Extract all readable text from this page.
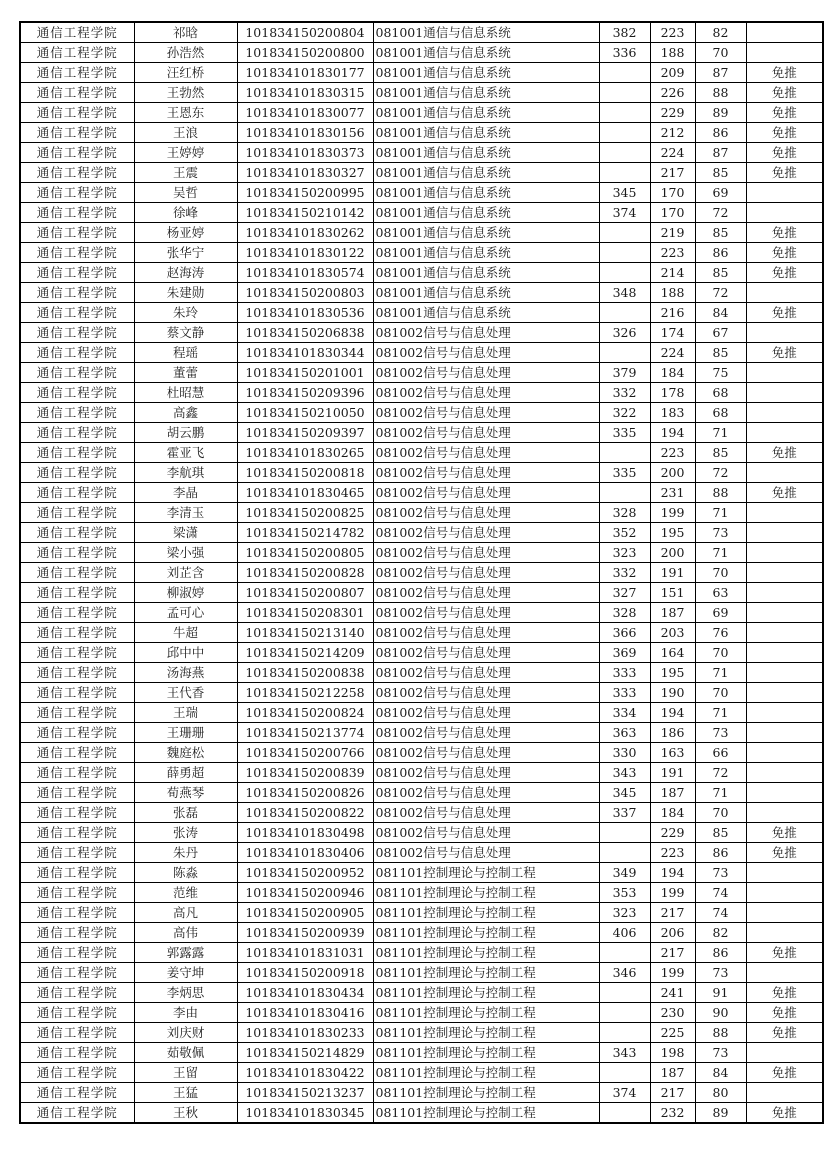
通信工程学院	祁晗	101834150200804	081001通信与信息系统	382	223	82	
通信工程学院	孙浩然	101834150200800	081001通信与信息系统	336	188	70	
通信工程学院	汪红桥	101834101830177	081001通信与信息系统		209	87	免推
通信工程学院	王勃然	101834101830315	081001通信与信息系统		226	88	免推
通信工程学院	王恩东	101834101830077	081001通信与信息系统		229	89	免推
通信工程学院	王浪	101834101830156	081001通信与信息系统		212	86	免推
通信工程学院	王婷婷	101834101830373	081001通信与信息系统		224	87	免推
通信工程学院	王震	101834101830327	081001通信与信息系统		217	85	免推
通信工程学院	吴哲	101834150200995	081001通信与信息系统	345	170	69	
通信工程学院	徐峰	101834150210142	081001通信与信息系统	374	170	72	
通信工程学院	杨亚婷	101834101830262	081001通信与信息系统		219	85	免推
通信工程学院	张华宁	101834101830122	081001通信与信息系统		223	86	免推
通信工程学院	赵海涛	101834101830574	081001通信与信息系统		214	85	免推
通信工程学院	朱建勋	101834150200803	081001通信与信息系统	348	188	72	
通信工程学院	朱玲	101834101830536	081001通信与信息系统		216	84	免推
通信工程学院	蔡文静	101834150206838	081002信号与信息处理	326	174	67	
通信工程学院	程瑶	101834101830344	081002信号与信息处理		224	85	免推
通信工程学院	董蕾	101834150201001	081002信号与信息处理	379	184	75	
通信工程学院	杜昭慧	101834150209396	081002信号与信息处理	332	178	68	
通信工程学院	高鑫	101834150210050	081002信号与信息处理	322	183	68	
通信工程学院	胡云鹏	101834150209397	081002信号与信息处理	335	194	71	
通信工程学院	霍亚飞	101834101830265	081002信号与信息处理		223	85	免推
通信工程学院	李航琪	101834150200818	081002信号与信息处理	335	200	72	
通信工程学院	李晶	101834101830465	081002信号与信息处理		231	88	免推
通信工程学院	李清玉	101834150200825	081002信号与信息处理	328	199	71	
通信工程学院	梁潇	101834150214782	081002信号与信息处理	352	195	73	
通信工程学院	梁小强	101834150200805	081002信号与信息处理	323	200	71	
通信工程学院	刘芷含	101834150200828	081002信号与信息处理	332	191	70	
通信工程学院	柳淑婷	101834150200807	081002信号与信息处理	327	151	63	
通信工程学院	孟可心	101834150208301	081002信号与信息处理	328	187	69	
通信工程学院	牛超	101834150213140	081002信号与信息处理	366	203	76	
通信工程学院	邱中中	101834150214209	081002信号与信息处理	369	164	70	
通信工程学院	汤海燕	101834150200838	081002信号与信息处理	333	195	71	
通信工程学院	王代香	101834150212258	081002信号与信息处理	333	190	70	
通信工程学院	王瑞	101834150200824	081002信号与信息处理	334	194	71	
通信工程学院	王珊珊	101834150213774	081002信号与信息处理	363	186	73	
通信工程学院	魏庭松	101834150200766	081002信号与信息处理	330	163	66	
通信工程学院	薛勇超	101834150200839	081002信号与信息处理	343	191	72	
通信工程学院	荀燕琴	101834150200826	081002信号与信息处理	345	187	71	
通信工程学院	张磊	101834150200822	081002信号与信息处理	337	184	70	
通信工程学院	张涛	101834101830498	081002信号与信息处理		229	85	免推
通信工程学院	朱丹	101834101830406	081002信号与信息处理		223	86	免推
通信工程学院	陈淼	101834150200952	081101控制理论与控制工程	349	194	73	
通信工程学院	范维	101834150200946	081101控制理论与控制工程	353	199	74	
通信工程学院	高凡	101834150200905	081101控制理论与控制工程	323	217	74	
通信工程学院	高伟	101834150200939	081101控制理论与控制工程	406	206	82	
通信工程学院	郭露露	101834101831031	081101控制理论与控制工程		217	86	免推
通信工程学院	姜守坤	101834150200918	081101控制理论与控制工程	346	199	73	
通信工程学院	李炳思	101834101830434	081101控制理论与控制工程		241	91	免推
通信工程学院	李由	101834101830416	081101控制理论与控制工程		230	90	免推
通信工程学院	刘庆财	101834101830233	081101控制理论与控制工程		225	88	免推
通信工程学院	茹敬佩	101834150214829	081101控制理论与控制工程	343	198	73	
通信工程学院	王留	101834101830422	081101控制理论与控制工程		187	84	免推
通信工程学院	王猛	101834150213237	081101控制理论与控制工程	374	217	80	
通信工程学院	王秋	101834101830345	081101控制理论与控制工程		232	89	免推
